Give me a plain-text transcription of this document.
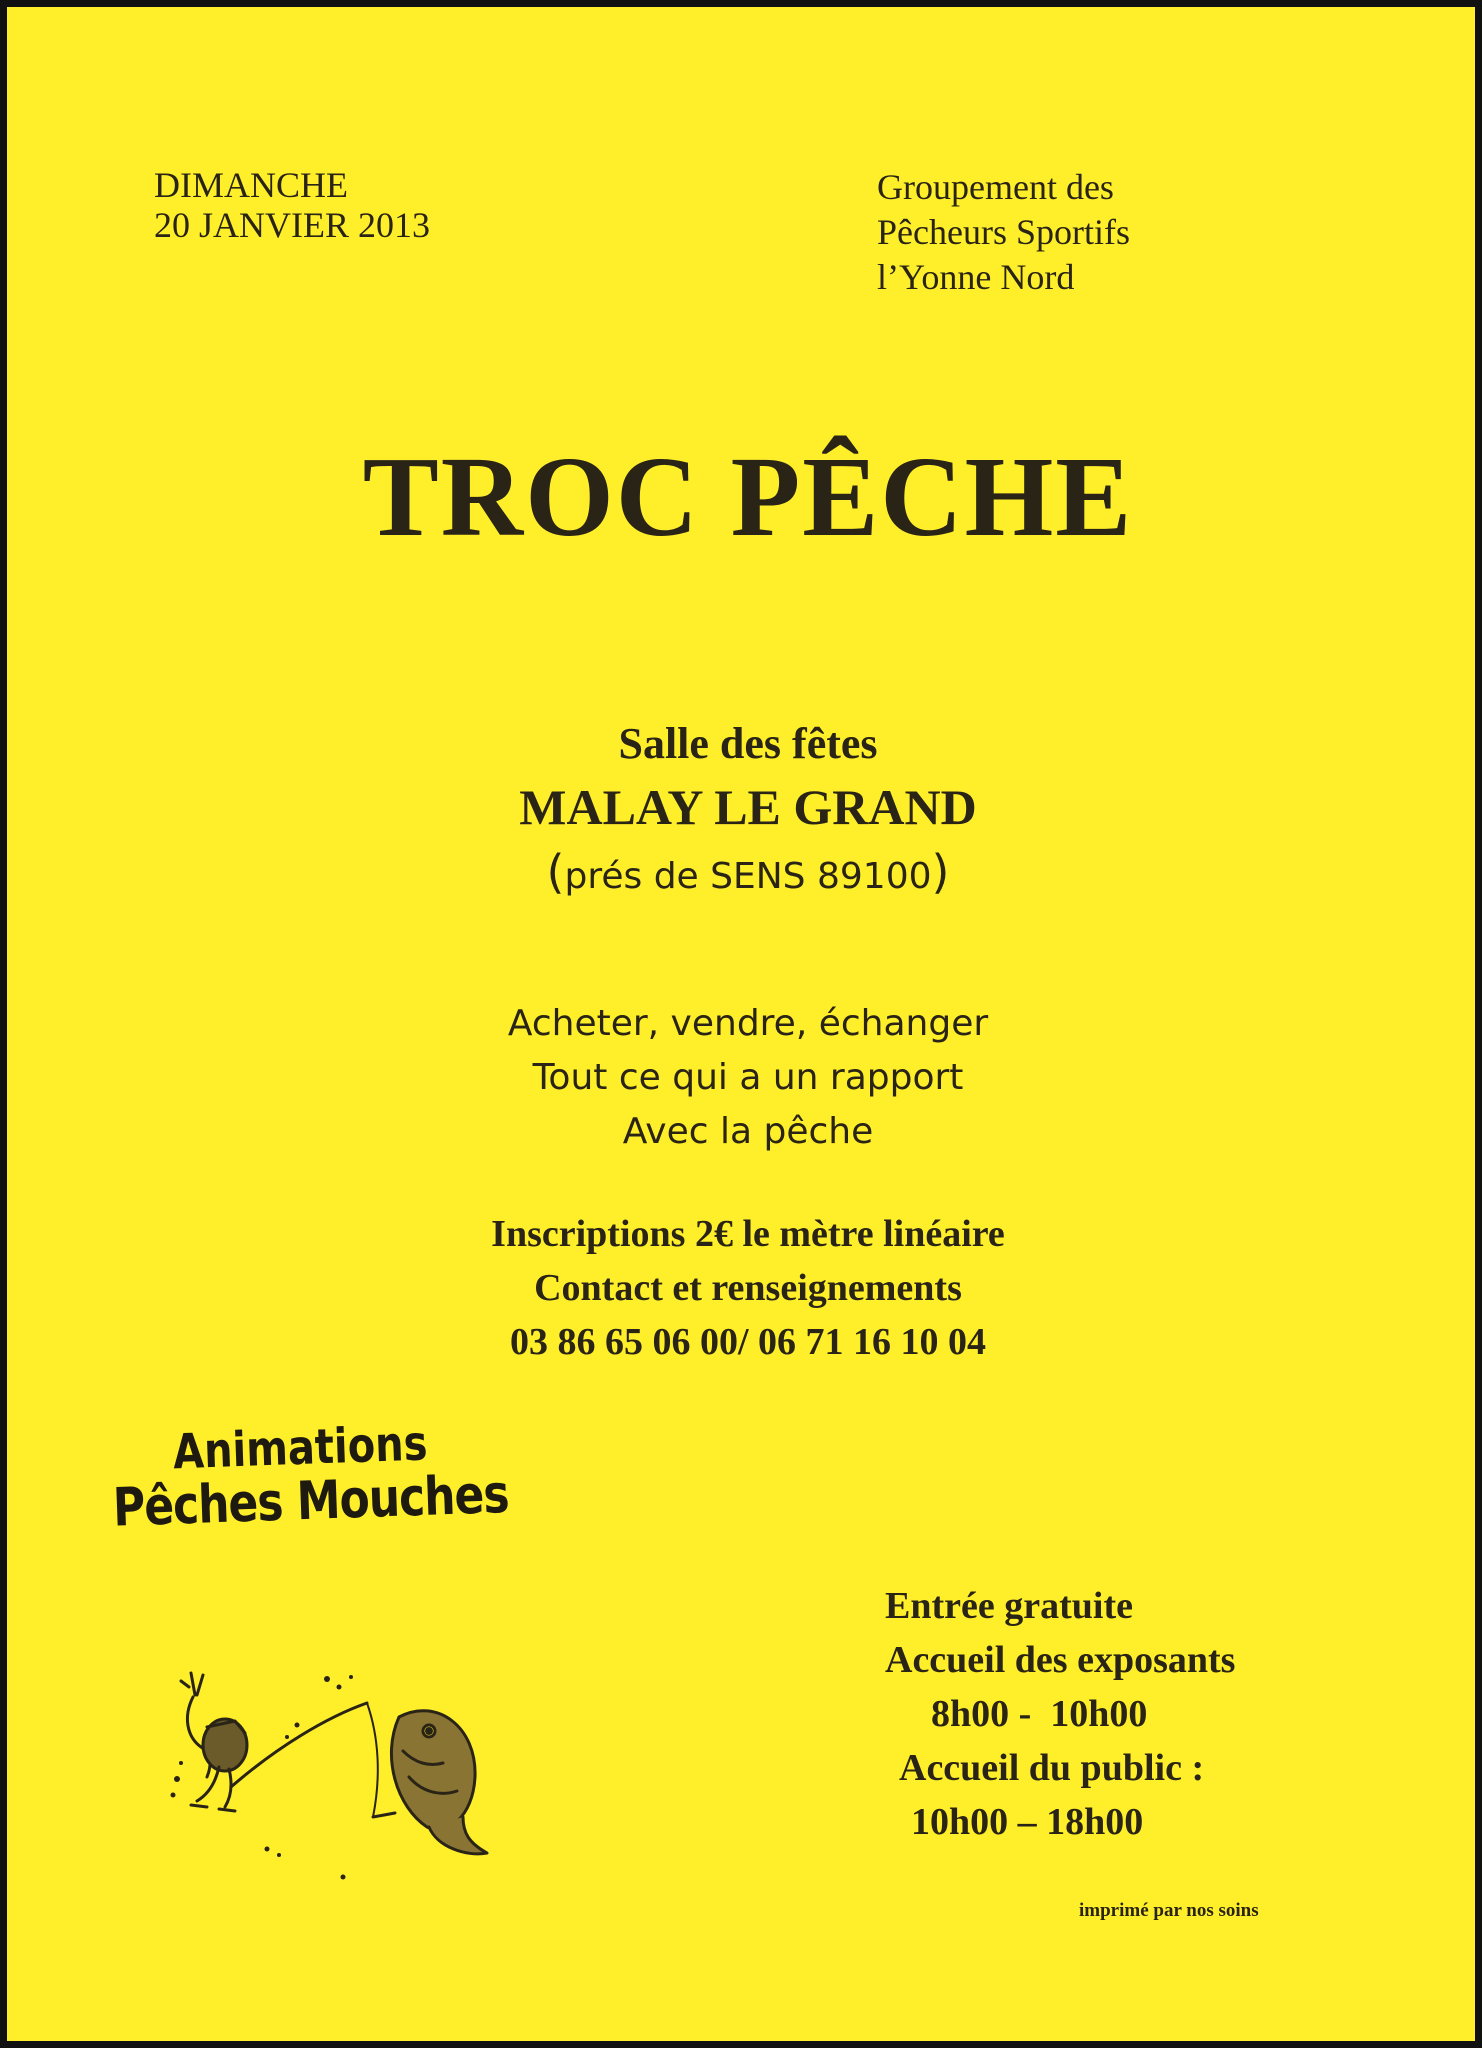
DIMANCHE
20 JANVIER 2013
Groupement des
Pêcheurs Sportifs
l’Yonne Nord
TROC PÊCHE
Salle des fêtes
MALAY LE GRAND
(prés de SENS 89100)
Acheter, vendre, échanger
Tout ce qui a un rapport
Avec la pêche
Inscriptions 2€ le mètre linéaire
Contact et renseignements
03 86 65 06 00/ 06 71 16 10 04
Animations
Pêches Mouches
Entrée gratuite
Accueil des exposants
8h00 -  10h00
Accueil du public :
10h00 – 18h00
imprimé par nos soins
